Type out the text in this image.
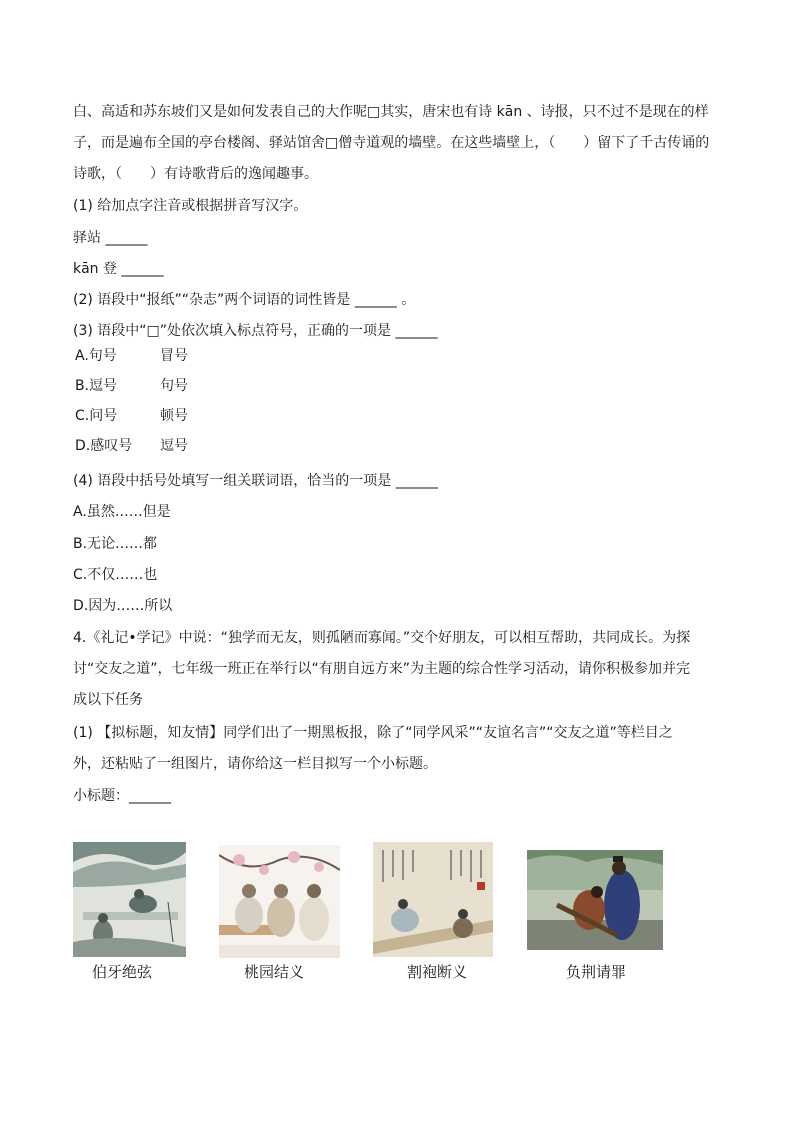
白、高适和苏东坡们又是如何发表自己的大作呢□其实，唐宋也有诗 kān 、诗报，只不过不是现在的样
子，而是遍布全国的亭台楼阁、驿站馆舍□僧寺道观的墙壁。在这些墙壁上，（　　）留下了千古传诵的
诗歌，（　　）有诗歌背后的逸闻趣事。
(1) 给加点字注音或根据拼音写汉字。
驿站 ______
kān 登 ______
(2) 语段中“报纸”“杂志”两个词语的词性皆是 ______ 。
(3) 语段中“□”处依次填入标点符号，正确的一项是 ______
A.句号	冒号
B.逗号	句号
C.问号	顿号
D.感叹号 逗号
(4) 语段中括号处填写一组关联词语，恰当的一项是 ______
A.虽然……但是
B.无论……都
C.不仅……也
D.因为……所以
4.《礼记•学记》中说：“独学而无友，则孤陋而寡闻。”交个好朋友，可以相互帮助，共同成长。为探
讨“交友之道”，七年级一班正在举行以“有朋自远方来”为主题的综合性学习活动，请你积极参加并完
成以下任务
(1) 【拟标题，知友情】同学们出了一期黑板报，除了“同学风采”“友谊名言”“交友之道”等栏目之
外，还粘贴了一组图片，请你给这一栏目拟写一个小标题。
小标题：______
伯牙绝弦	桃园结义	割袍断义	负荆请罪
